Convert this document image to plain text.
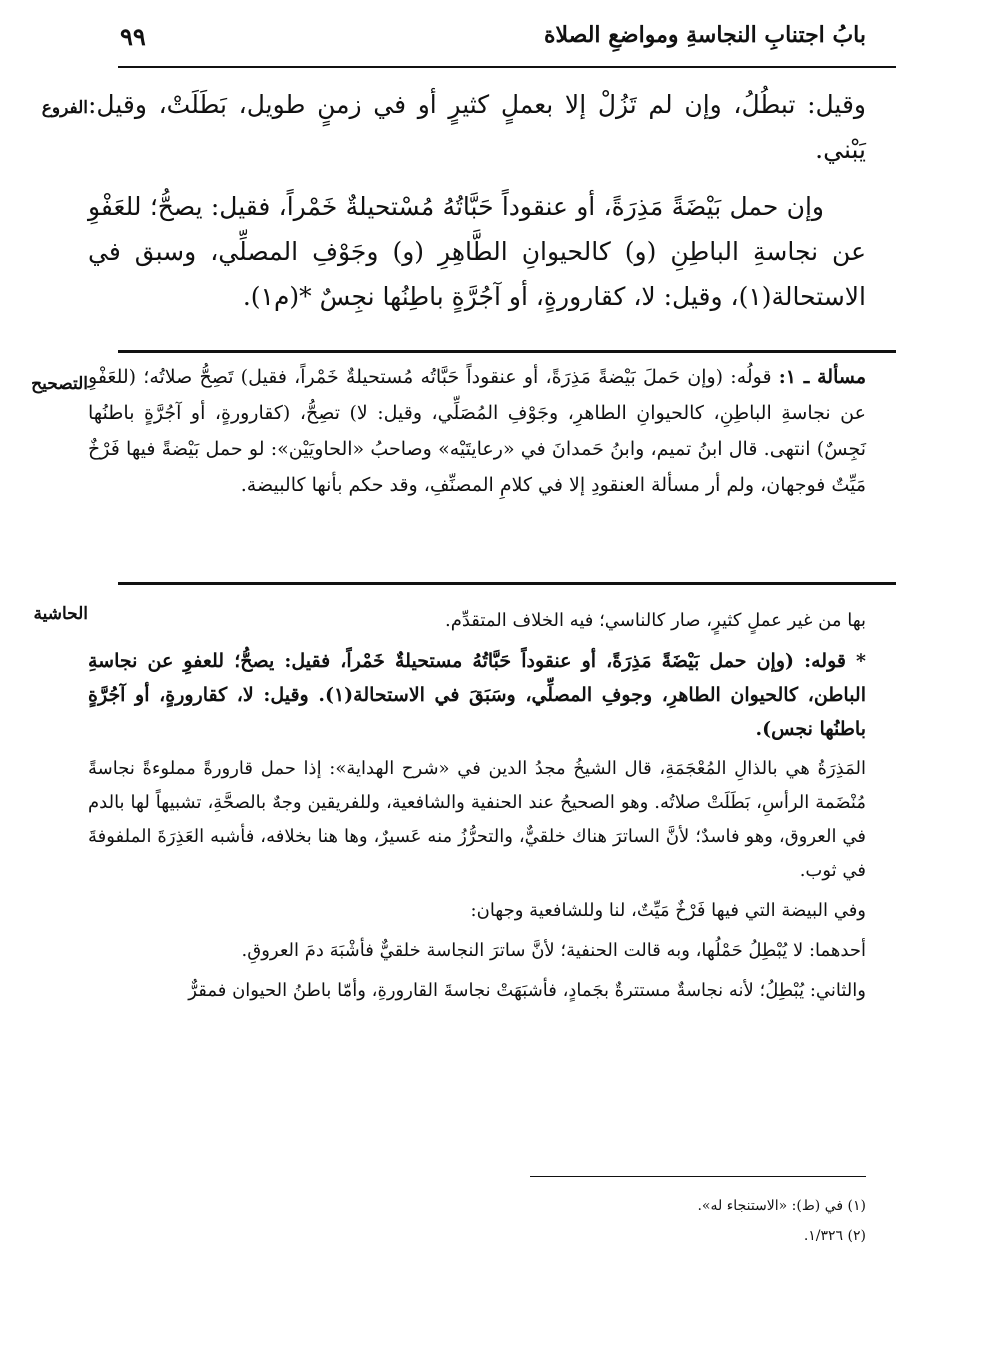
بابُ اجتنابِ النجاسةِ ومواضعِ الصلاة
٩٩
الفروع
التصحيح
الحاشية

وقيل: تبطُلُ، وإن لم تَزُلْ إلا بعملٍ كثيرٍ أو في زمنٍ طويل، بَطَلَتْ، وقيل: يَبْني.

وإن حمل بَيْضَةً مَذِرَةً، أو عنقوداً حَبَّاتُهُ مُسْتحيلةٌ خَمْراً، فقيل: يصحُّ؛ للعَفْوِ عن نجاسةِ الباطِنِ (و) كالحيوانِ الطَّاهِرِ (و) وجَوْفِ المصلِّي، وسبق في الاستحالة(١)، وقيل: لا، كقارورةٍ، أو آجُرَّةٍ باطِنُها نجِسٌ *(م١).

مسألة ـ ١: قولُه: (وإن حَملَ بَيْضةً مَذِرَةً، أو عنقوداً حَبَّاتُه مُستحيلةٌ خَمْراً، فقيل) تَصِحُّ صلاتُه؛ (للعَفْوِ عن نجاسةِ الباطِنِ، كالحيوانِ الطاهرِ، وجَوْفِ المُصَلِّي، وقيل: لا) تصِحُّ، (كقارورةٍ، أو آجُرَّةٍ باطنُها نَجِسٌ) انتهى. قال ابنُ تميم، وابنُ حَمدانَ في «رعايتَيْه» وصاحبُ «الحاويَيْن»: لو حمل بَيْضةً فيها فَرْخٌ مَيِّتٌ فوجهان، ولم أر مسألة العنقودِ إلا في كلامِ المصنِّفِ، وقد حكم بأنها كالبيضة.

بها من غير عملٍ كثيرٍ، صار كالناسي؛ فيه الخلاف المتقدِّم.

* قوله: (وإن حمل بَيْضَةً مَذِرَةً، أو عنقوداً حَبَّاتُهُ مستحيلةٌ خَمْراً، فقيل: يصحُّ؛ للعفوِ عن نجاسةِ الباطن، كالحيوان الطاهرِ، وجوفِ المصلِّي، وسَبَقَ في الاستحالة(١). وقيل: لا، كقارورةٍ، أو آجُرَّةٍ باطنُها نجس).

المَذِرَةُ هي بالذالِ المُعْجَمَةِ، قال الشيخُ مجدُ الدين في «شرح الهداية»: إذا حمل قارورةً مملوءةً نجاسةً مُنْضَمة الرأسِ، بَطَلَتْ صلاتُه. وهو الصحيحُ عند الحنفية والشافعية، وللفريقين وجهٌ بالصحَّةِ، تشبيهاً لها بالدم في العروق، وهو فاسدٌ؛ لأنَّ الساترَ هناك خلقيٌّ، والتحرُّزُ منه عَسيرٌ، وها هنا بخلافه، فأشبه العَذِرَةَ الملفوفةَ في ثوب.

وفي البيضة التي فيها فَرْخٌ مَيِّتٌ، لنا وللشافعية وجهان:

أحدهما: لا يُبْطِلُ حَمْلُها، وبه قالت الحنفية؛ لأنَّ ساترَ النجاسة خلقيٌّ فأشْبَهَ دمَ العروقِ.

والثاني: يُبْطِلُ؛ لأنه نجاسةٌ مستترةٌ بجَمادٍ، فأشبَهَتْ نجاسةَ القارورةِ، وأمّا باطنُ الحيوان فمقرٌّ

(١) في (ط): «الاستنجاء له».
(٢) ١/٣٢٦.
